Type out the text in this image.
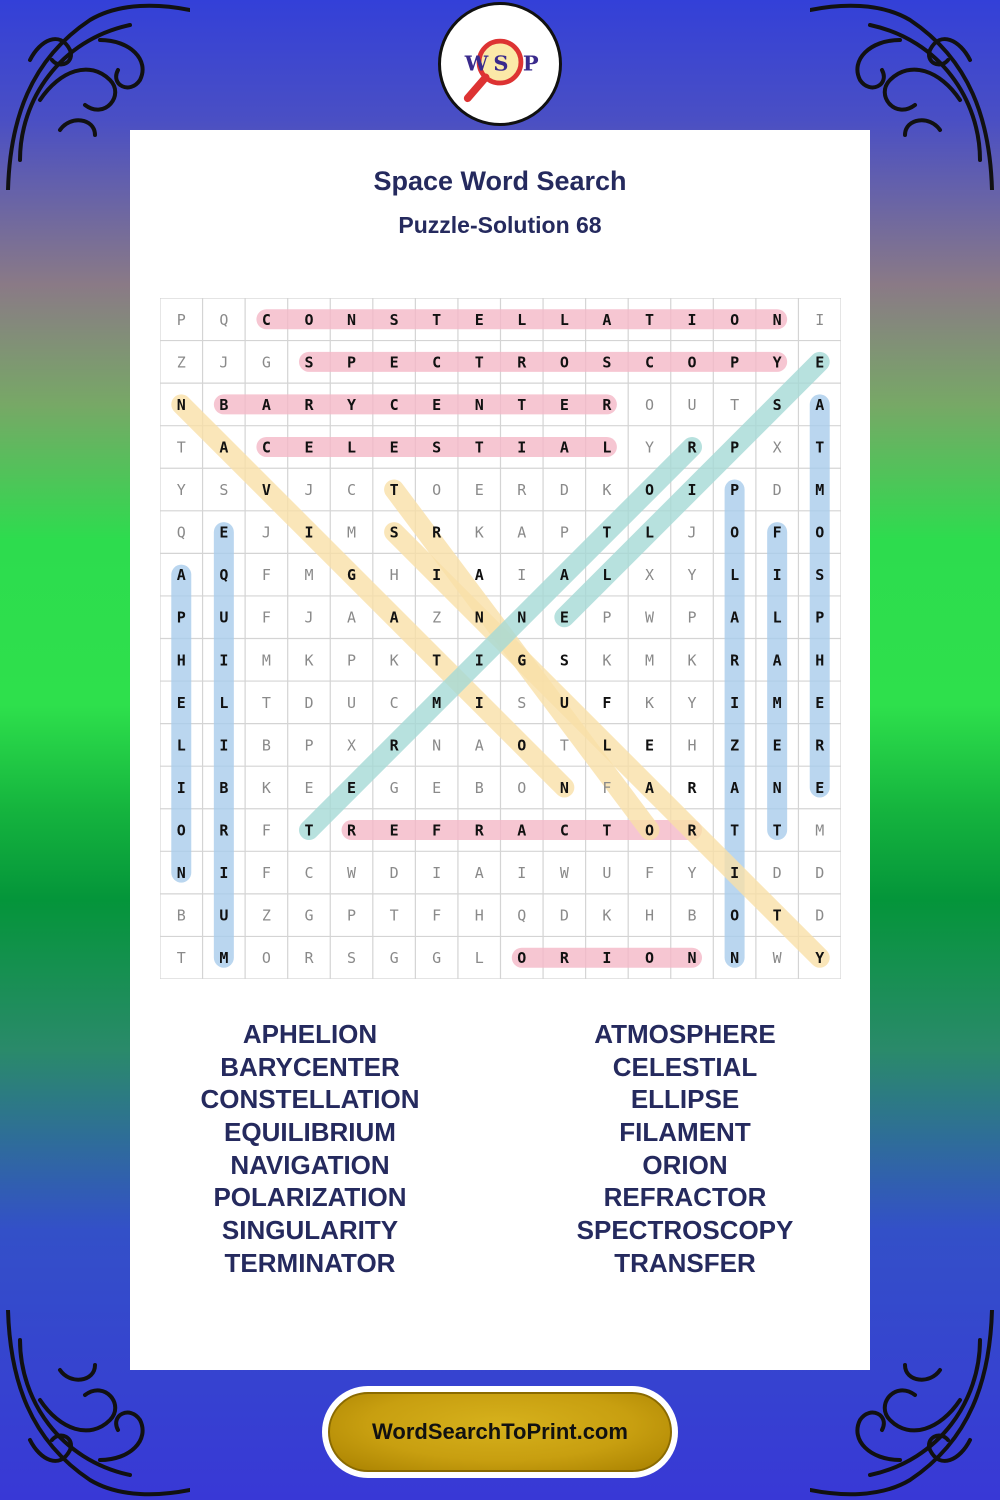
W S P
Space Word Search
Puzzle-Solution 68
P Q C O N S T E L L A T I O N I
Z J G S P E C T R O S C O P Y E
N B A R Y C E N T E R O U T S A
T A C E L E S T I A L Y R P X T
Y S V J C T O E R D K O I P D M
Q E J I M S R K A P T L J O F O
A Q F M G H I A I A L X Y L I S
P U F J A A Z N N E P W P A L P
H I M K P K T I G S K M K R A H
E L T D U C M I S U F K Y I M E
L I B P X R N A O T L E H Z E R
I B K E E G E B O N F A R A N E
O R F T R E F R A C T O R T T M
N I F C W D I A I W U F Y I D D
B U Z G P T F H Q D K H B O T D
T M O R S G G L O R I O N N W Y
APHELION
BARYCENTER
CONSTELLATION
EQUILIBRIUM
NAVIGATION
POLARIZATION
SINGULARITY
TERMINATOR
ATMOSPHERE
CELESTIAL
ELLIPSE
FILAMENT
ORION
REFRACTOR
SPECTROSCOPY
TRANSFER
WordSearchToPrint.com
